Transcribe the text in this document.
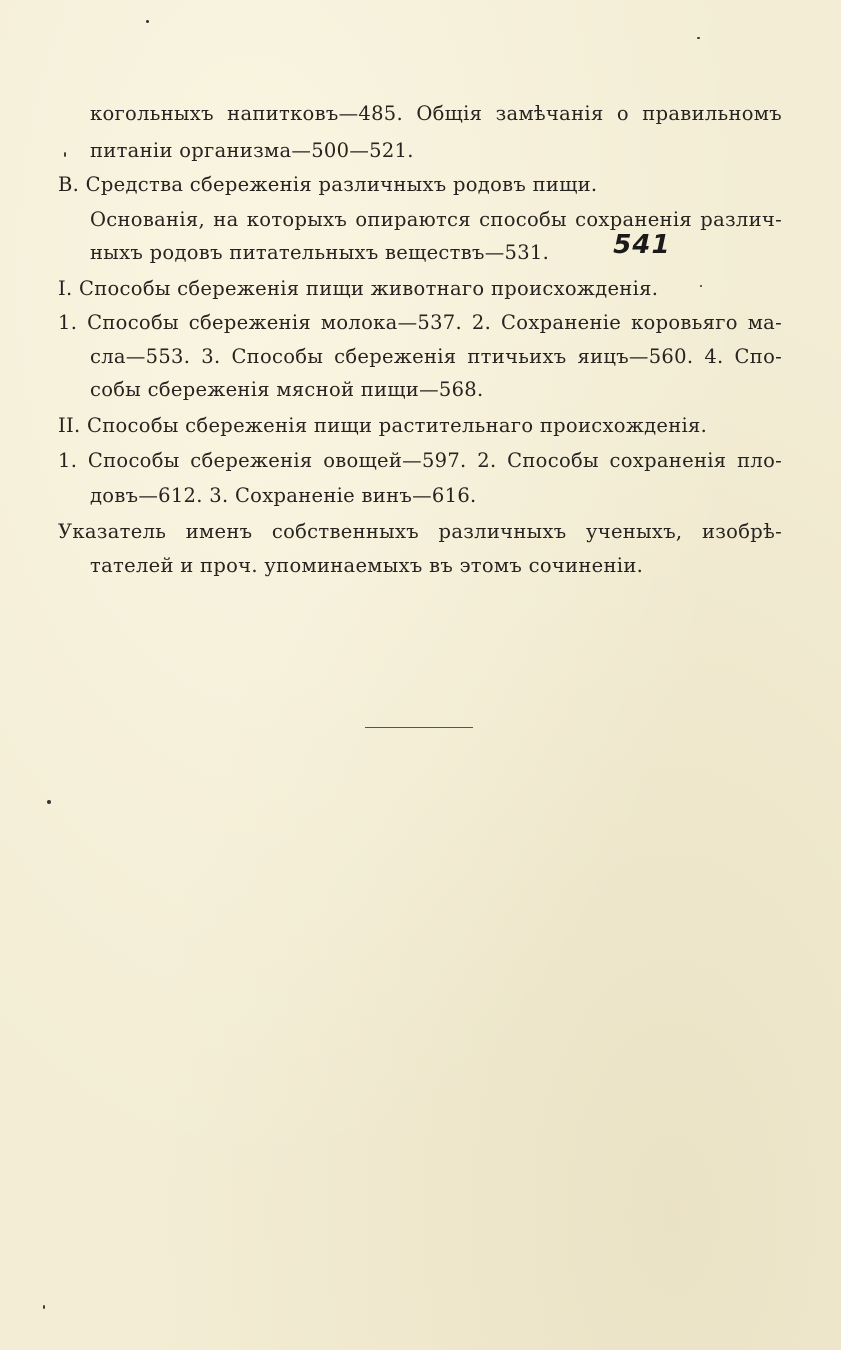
когольныхъ напитковъ—485. Общія замѣчанія о правильномъ
питаніи организма—500—521.
В. Средства сбереженія различныхъ родовъ пищи.
Основанія, на которыхъ опираются способы сохраненія различ-
ныхъ родовъ питательныхъ веществъ—531.
I. Способы сбереженія пищи животнаго происхожденія.
1. Способы сбереженія молока—537. 2. Сохраненіе коровьяго ма-
сла—553. 3. Способы сбереженія птичьихъ яицъ—560. 4. Спо-
собы сбереженія мясной пищи—568.
II. Способы сбереженія пищи растительнаго происхожденія.
1. Способы сбереженія овощей—597. 2. Способы сохраненія пло-
довъ—612. 3. Сохраненіе винъ—616.
Указатель именъ собственныхъ различныхъ ученыхъ, изобрѣ-
тателей и проч. упоминаемыхъ въ этомъ сочиненіи.
541
